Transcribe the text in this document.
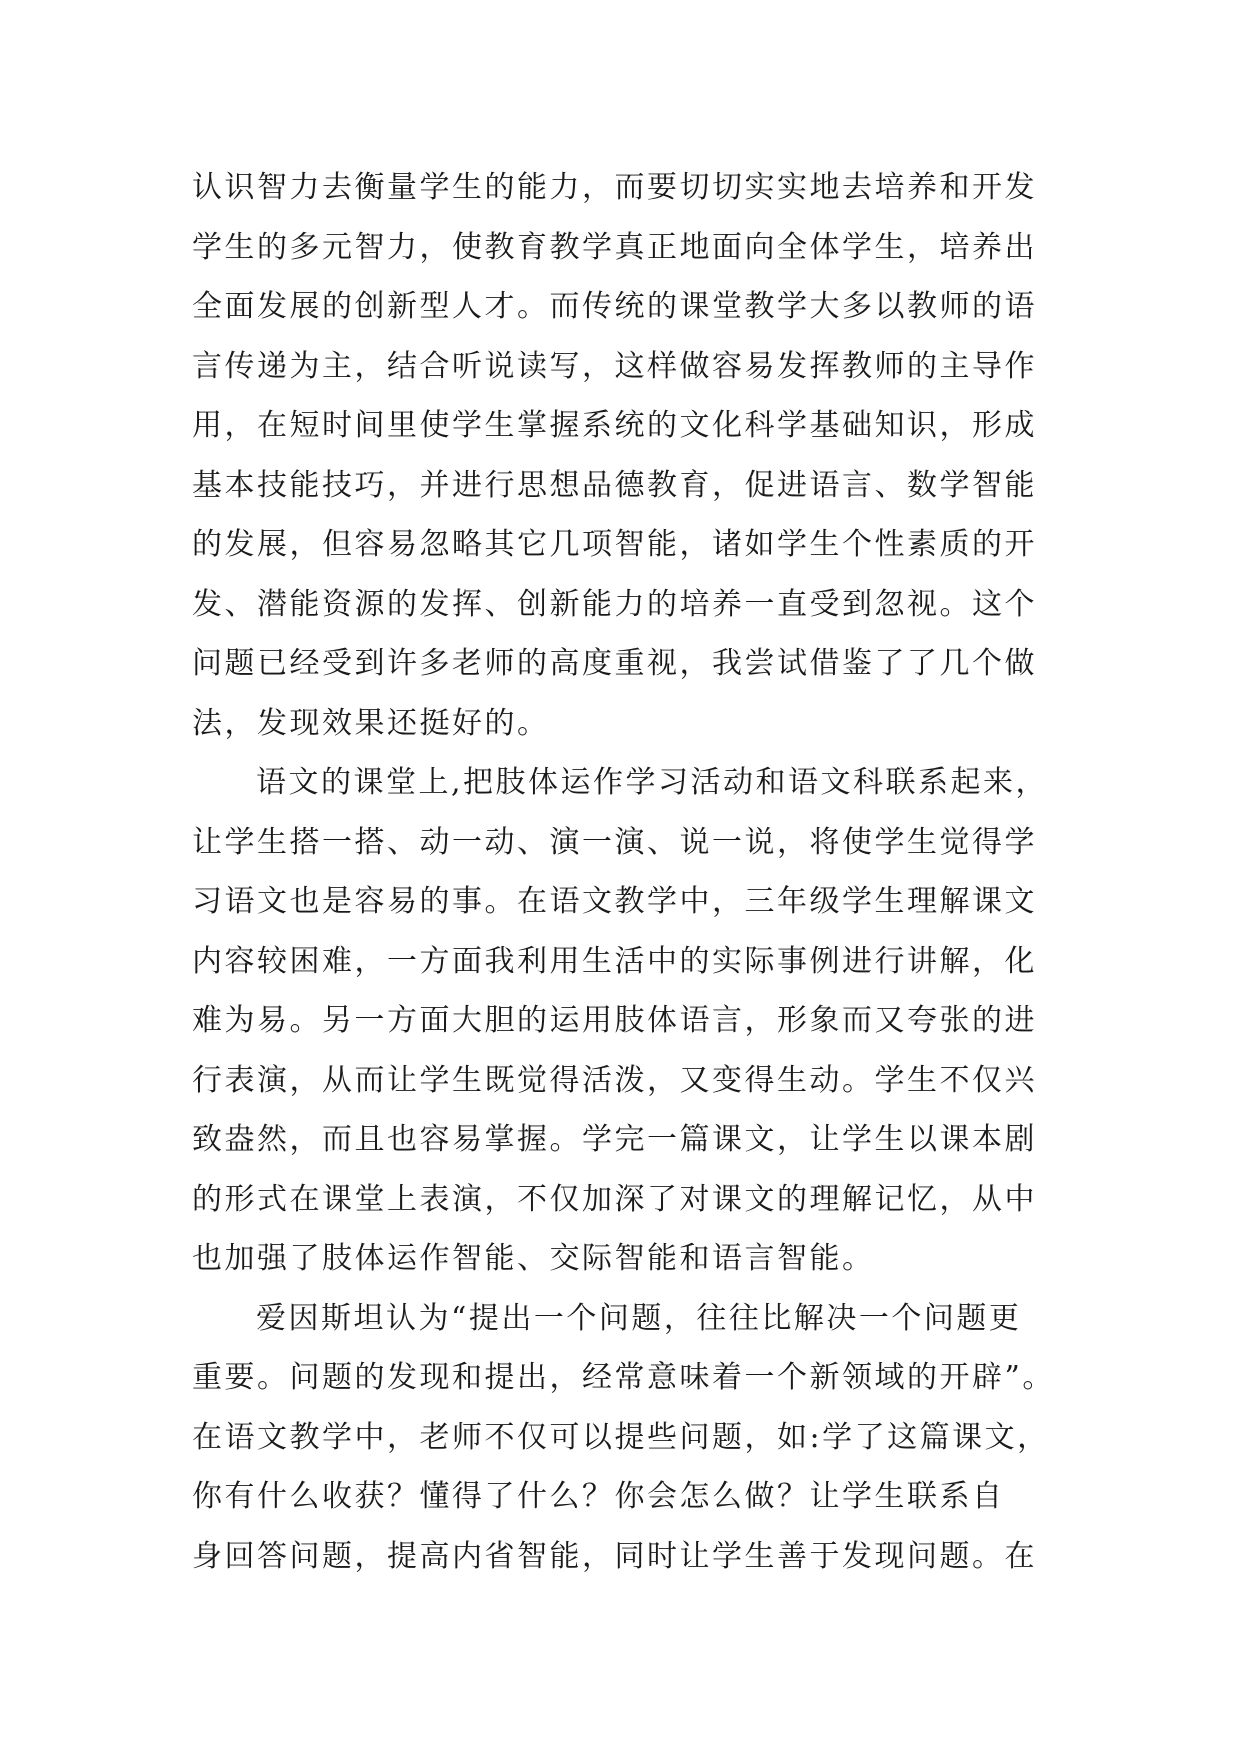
认识智力去衡量学生的能力，而要切切实实地去培养和开发
学生的多元智力，使教育教学真正地面向全体学生，培养出
全面发展的创新型人才。而传统的课堂教学大多以教师的语
言传递为主，结合听说读写，这样做容易发挥教师的主导作
用，在短时间里使学生掌握系统的文化科学基础知识，形成
基本技能技巧，并进行思想品德教育，促进语言、数学智能
的发展，但容易忽略其它几项智能，诸如学生个性素质的开
发、潜能资源的发挥、创新能力的培养一直受到忽视。这个
问题已经受到许多老师的高度重视，我尝试借鉴了了几个做
法，发现效果还挺好的。
语文的课堂上,把肢体运作学习活动和语文科联系起来，
让学生搭一搭、动一动、演一演、说一说，将使学生觉得学
习语文也是容易的事。在语文教学中，三年级学生理解课文
内容较困难，一方面我利用生活中的实际事例进行讲解，化
难为易。另一方面大胆的运用肢体语言，形象而又夸张的进
行表演，从而让学生既觉得活泼，又变得生动。学生不仅兴
致盎然，而且也容易掌握。学完一篇课文，让学生以课本剧
的形式在课堂上表演，不仅加深了对课文的理解记忆，从中
也加强了肢体运作智能、交际智能和语言智能。
爱因斯坦认为“提出一个问题，往往比解决一个问题更
重要。问题的发现和提出，经常意味着一个新领域的开辟”。
在语文教学中，老师不仅可以提些问题，如:学了这篇课文，
你有什么收获？懂得了什么？你会怎么做？让学生联系自
身回答问题，提高内省智能，同时让学生善于发现问题。在
